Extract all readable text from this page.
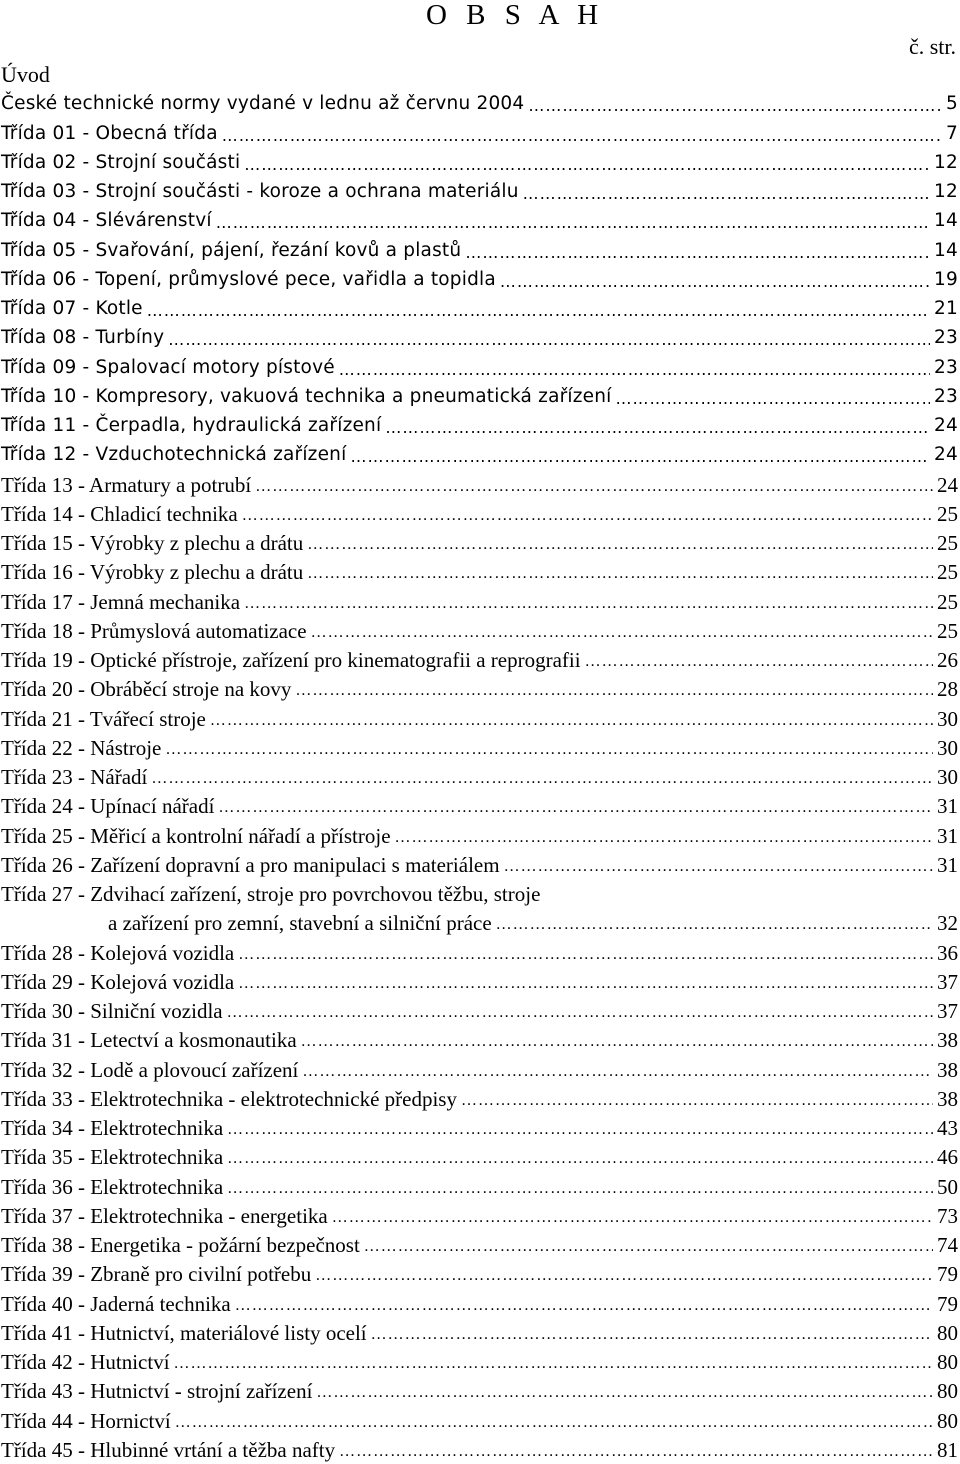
O B S A H
č. str.
Úvod
České technické normy vydané v lednu až červnu 2004 ………………………………………………………………………………………………………………………………………………………………………………………………………………………………………………………………………………………	5
Třída 01 - Obecná třída ………………………………………………………………………………………………………………………………………………………………………………………………………………………………………………………………………………………	7
Třída 02 - Strojní součásti ………………………………………………………………………………………………………………………………………………………………………………………………………………………………………………………………………………………	12
Třída 03 - Strojní součásti - koroze a ochrana materiálu ………………………………………………………………………………………………………………………………………………………………………………………………………………………………………………………………………………………	12
Třída 04 - Slévárenství ………………………………………………………………………………………………………………………………………………………………………………………………………………………………………………………………………………………	14
Třída 05 - Svařování, pájení, řezání kovů a plastů ………………………………………………………………………………………………………………………………………………………………………………………………………………………………………………………………………………………	14
Třída 06 - Topení, průmyslové pece, vařidla a topidla ………………………………………………………………………………………………………………………………………………………………………………………………………………………………………………………………………………………	19
Třída 07 - Kotle ………………………………………………………………………………………………………………………………………………………………………………………………………………………………………………………………………………………	21
Třída 08 - Turbíny ………………………………………………………………………………………………………………………………………………………………………………………………………………………………………………………………………………………	23
Třída 09 - Spalovací motory pístové ………………………………………………………………………………………………………………………………………………………………………………………………………………………………………………………………………………………	23
Třída 10 - Kompresory, vakuová technika a pneumatická zařízení ………………………………………………………………………………………………………………………………………………………………………………………………………………………………………………………………………………………	23
Třída 11 - Čerpadla, hydraulická zařízení ………………………………………………………………………………………………………………………………………………………………………………………………………………………………………………………………………………………	24
Třída 12 - Vzduchotechnická zařízení ………………………………………………………………………………………………………………………………………………………………………………………………………………………………………………………………………………………	24
Třída 13 - Armatury a potrubí ………………………………………………………………………………………………………………………………………………………………………………………………………………………………………………………………………………………	24
Třída 14 - Chladicí technika ………………………………………………………………………………………………………………………………………………………………………………………………………………………………………………………………………………………	25
Třída 15 - Výrobky z plechu a drátu ………………………………………………………………………………………………………………………………………………………………………………………………………………………………………………………………………………………	25
Třída 16 - Výrobky z plechu a drátu ………………………………………………………………………………………………………………………………………………………………………………………………………………………………………………………………………………………	25
Třída 17 - Jemná mechanika ………………………………………………………………………………………………………………………………………………………………………………………………………………………………………………………………………………………	25
Třída 18 - Průmyslová automatizace ………………………………………………………………………………………………………………………………………………………………………………………………………………………………………………………………………………………	25
Třída 19 - Optické přístroje, zařízení pro kinematografii a reprografii ………………………………………………………………………………………………………………………………………………………………………………………………………………………………………………………………………………………	26
Třída 20 - Obráběcí stroje na kovy ………………………………………………………………………………………………………………………………………………………………………………………………………………………………………………………………………………………	28
Třída 21 - Tvářecí stroje ………………………………………………………………………………………………………………………………………………………………………………………………………………………………………………………………………………………	30
Třída 22 - Nástroje ………………………………………………………………………………………………………………………………………………………………………………………………………………………………………………………………………………………	30
Třída 23 - Nářadí ………………………………………………………………………………………………………………………………………………………………………………………………………………………………………………………………………………………	30
Třída 24 - Upínací nářadí ………………………………………………………………………………………………………………………………………………………………………………………………………………………………………………………………………………………	31
Třída 25 - Měřicí a kontrolní nářadí a přístroje ………………………………………………………………………………………………………………………………………………………………………………………………………………………………………………………………………………………	31
Třída 26 - Zařízení dopravní a pro manipulaci s materiálem ………………………………………………………………………………………………………………………………………………………………………………………………………………………………………………………………………………………	31
Třída 27 - Zdvihací zařízení, stroje pro povrchovou těžbu, stroje
a zařízení pro zemní, stavební a silniční práce ………………………………………………………………………………………………………………………………………………………………………………………………………………………………………………………………………………………	32
Třída 28 - Kolejová vozidla ………………………………………………………………………………………………………………………………………………………………………………………………………………………………………………………………………………………	36
Třída 29 - Kolejová vozidla ………………………………………………………………………………………………………………………………………………………………………………………………………………………………………………………………………………………	37
Třída 30 - Silniční vozidla ………………………………………………………………………………………………………………………………………………………………………………………………………………………………………………………………………………………	37
Třída 31 - Letectví a kosmonautika ………………………………………………………………………………………………………………………………………………………………………………………………………………………………………………………………………………………	38
Třída 32 - Lodě a plovoucí zařízení ………………………………………………………………………………………………………………………………………………………………………………………………………………………………………………………………………………………	38
Třída 33 - Elektrotechnika - elektrotechnické předpisy ………………………………………………………………………………………………………………………………………………………………………………………………………………………………………………………………………………………	38
Třída 34 - Elektrotechnika ………………………………………………………………………………………………………………………………………………………………………………………………………………………………………………………………………………………	43
Třída 35 - Elektrotechnika ………………………………………………………………………………………………………………………………………………………………………………………………………………………………………………………………………………………	46
Třída 36 - Elektrotechnika ………………………………………………………………………………………………………………………………………………………………………………………………………………………………………………………………………………………	50
Třída 37 - Elektrotechnika - energetika ………………………………………………………………………………………………………………………………………………………………………………………………………………………………………………………………………………………	73
Třída 38 - Energetika - požární bezpečnost ………………………………………………………………………………………………………………………………………………………………………………………………………………………………………………………………………………………	74
Třída 39 - Zbraně pro civilní potřebu ………………………………………………………………………………………………………………………………………………………………………………………………………………………………………………………………………………………	79
Třída 40 - Jaderná technika ………………………………………………………………………………………………………………………………………………………………………………………………………………………………………………………………………………………	79
Třída 41 - Hutnictví, materiálové listy ocelí ………………………………………………………………………………………………………………………………………………………………………………………………………………………………………………………………………………………	80
Třída 42 - Hutnictví ………………………………………………………………………………………………………………………………………………………………………………………………………………………………………………………………………………………	80
Třída 43 - Hutnictví - strojní zařízení ………………………………………………………………………………………………………………………………………………………………………………………………………………………………………………………………………………………	80
Třída 44 - Hornictví ………………………………………………………………………………………………………………………………………………………………………………………………………………………………………………………………………………………	80
Třída 45 - Hlubinné vrtání a těžba nafty ………………………………………………………………………………………………………………………………………………………………………………………………………………………………………………………………………………………	81
